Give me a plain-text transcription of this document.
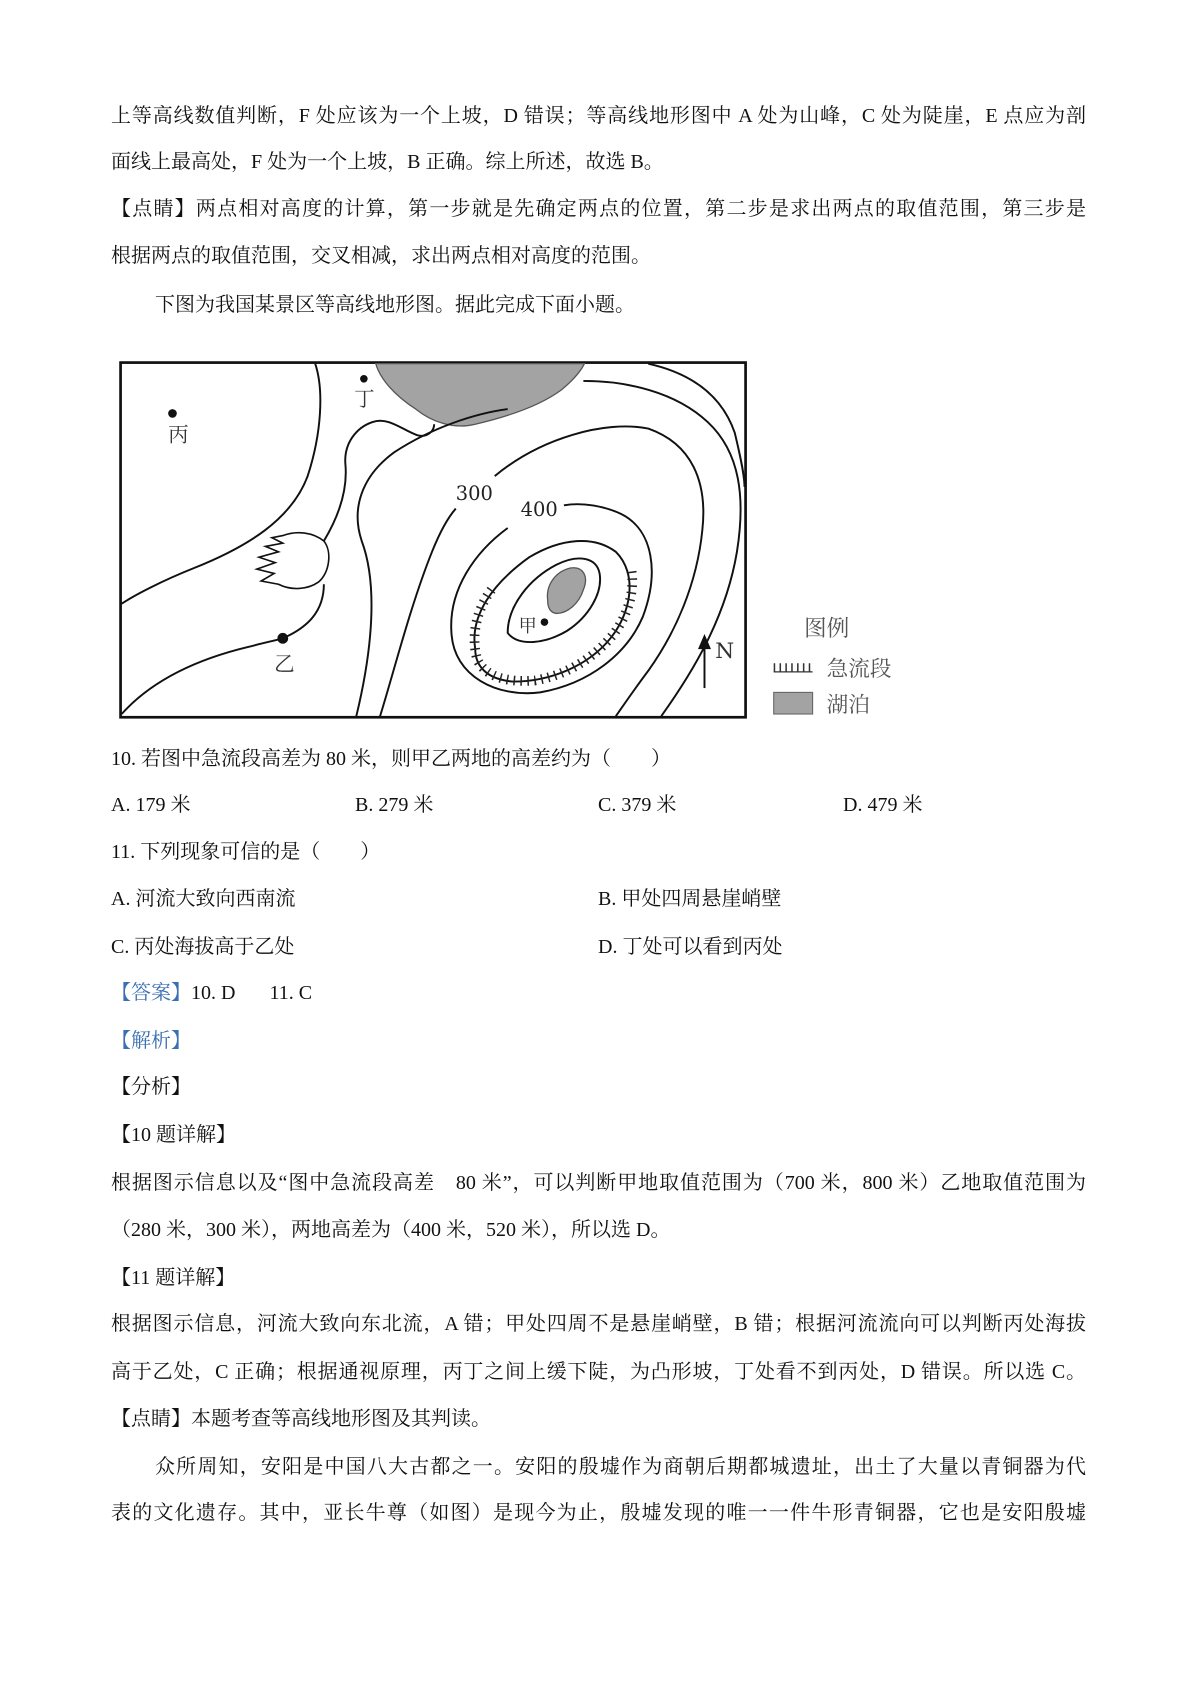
上等高线数值判断，F 处应该为一个上坡，D 错误；等高线地形图中 A 处为山峰，C 处为陡崖，E 点应为剖
面线上最高处，F 处为一个上坡，B 正确。综上所述，故选 B。
【点睛】两点相对高度的计算，第一步就是先确定两点的位置，第二步是求出两点的取值范围，第三步是
根据两点的取值范围，交叉相减，求出两点相对高度的范围。
下图为我国某景区等高线地形图。据此完成下面小题。
丙
丁
乙
甲
300
400
N
图例
急流段
湖泊
10. 若图中急流段高差为 80 米，则甲乙两地的高差约为（　　）
A. 179 米	B. 279 米	C. 379 米	D. 479 米
11. 下列现象可信的是（　　）
A. 河流大致向西南流	B. 甲处四周悬崖峭壁
C. 丙处海拔高于乙处	D. 丁处可以看到丙处
【答案】10. D 11. C
【解析】
【分析】
【10 题详解】
根据图示信息以及“图中急流段高差　80 米”，可以判断甲地取值范围为（700 米，800 米）乙地取值范围为
（280 米，300 米），两地高差为（400 米，520 米），所以选 D。
【11 题详解】
根据图示信息，河流大致向东北流，A 错；甲处四周不是悬崖峭壁，B 错；根据河流流向可以判断丙处海拔
高于乙处，C 正确；根据通视原理，丙丁之间上缓下陡，为凸形坡，丁处看不到丙处，D 错误。所以选 C。
【点睛】本题考查等高线地形图及其判读。
众所周知，安阳是中国八大古都之一。安阳的殷墟作为商朝后期都城遗址，出土了大量以青铜器为代
表的文化遗存。其中，亚长牛尊（如图）是现今为止，殷墟发现的唯一一件牛形青铜器，它也是安阳殷墟
